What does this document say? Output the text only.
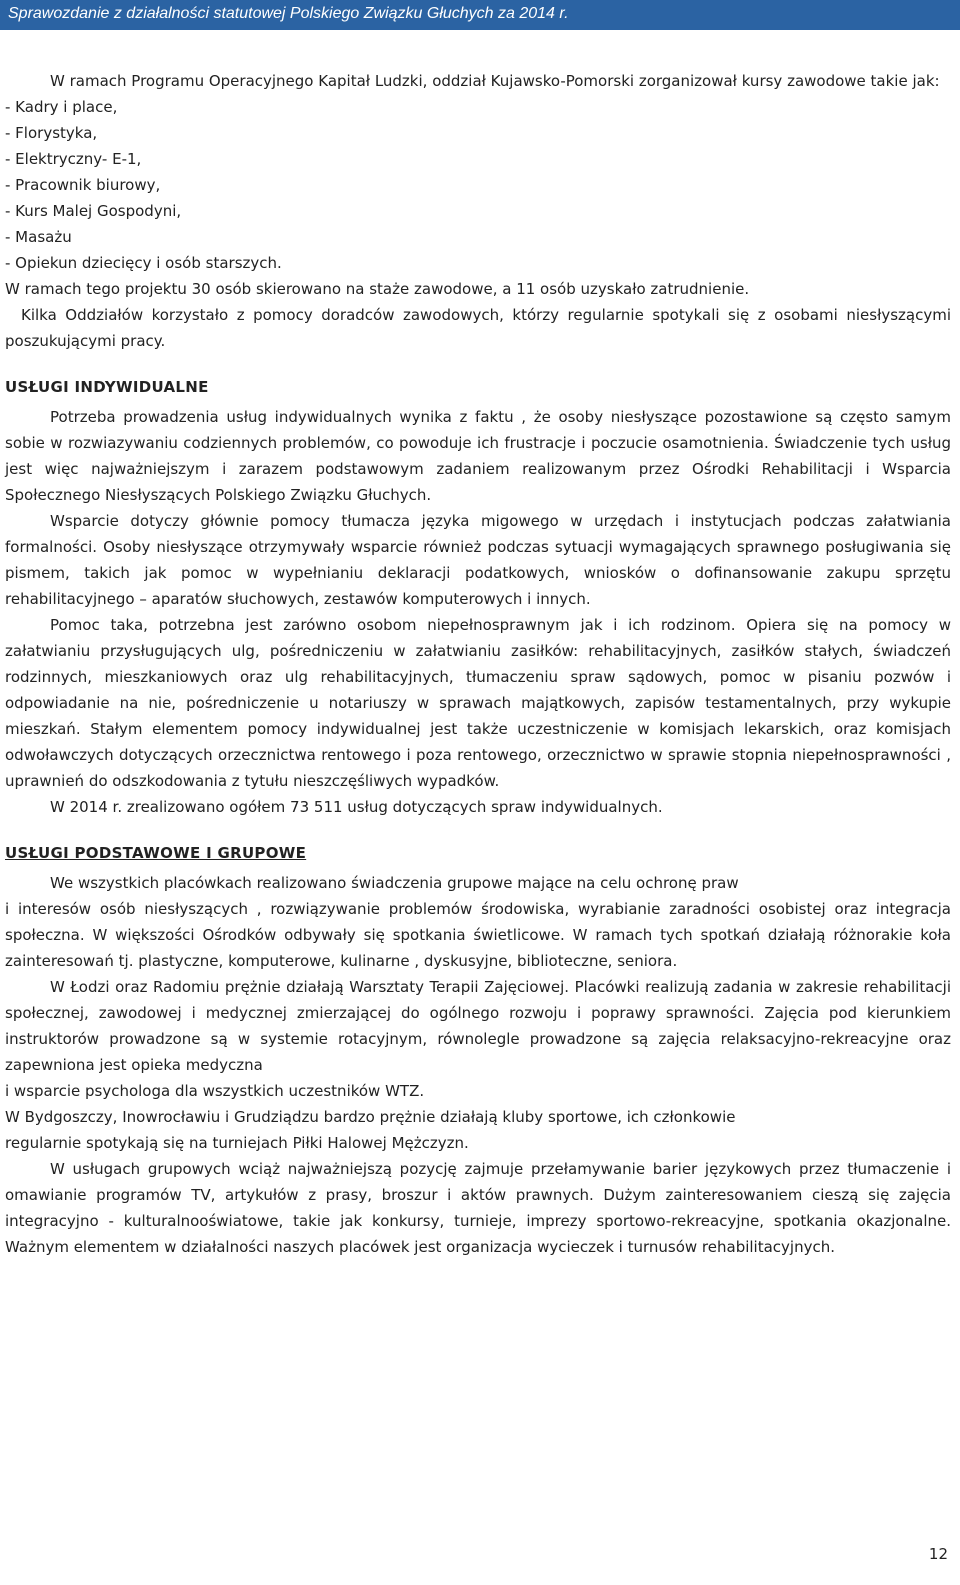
Sprawozdanie z działalności statutowej Polskiego Związku Głuchych za 2014 r.

W ramach Programu Operacyjnego Kapitał Ludzki, oddział Kujawsko-Pomorski zorganizował kursy zawodowe takie jak:

- Kadry i place,
- Florystyka,
- Elektryczny- E-1,
- Pracownik biurowy,
- Kurs Malej Gospodyni,
- Masażu
- Opiekun dziecięcy i osób starszych.

W ramach tego projektu 30 osób skierowano na staże zawodowe, a 11 osób uzyskało zatrudnienie.

Kilka Oddziałów korzystało z pomocy doradców zawodowych, którzy regularnie spotykali się z osobami niesłyszącymi poszukującymi pracy.

USŁUGI INDYWIDUALNE

Potrzeba prowadzenia usług indywidualnych wynika z faktu , że osoby niesłyszące pozostawione są często samym sobie w rozwiazywaniu codziennych problemów, co powoduje ich frustracje i poczucie osamotnienia. Świadczenie tych usług jest więc najważniejszym i zarazem podstawowym zadaniem realizowanym przez Ośrodki Rehabilitacji i Wsparcia Społecznego Niesłyszących Polskiego Związku Głuchych.

Wsparcie dotyczy głównie pomocy tłumacza języka migowego w urzędach i instytucjach podczas załatwiania formalności. Osoby niesłyszące otrzymywały wsparcie również podczas sytuacji wymagających sprawnego posługiwania się pismem, takich jak pomoc w wypełnianiu deklaracji podatkowych, wniosków o dofinansowanie zakupu sprzętu rehabilitacyjnego – aparatów słuchowych, zestawów komputerowych i innych.

Pomoc taka, potrzebna jest zarówno osobom niepełnosprawnym jak i ich rodzinom. Opiera się na pomocy w załatwianiu przysługujących ulg, pośredniczeniu w załatwianiu zasiłków: rehabilitacyjnych, zasiłków stałych, świadczeń rodzinnych, mieszkaniowych oraz ulg rehabilitacyjnych, tłumaczeniu spraw sądowych, pomoc w pisaniu pozwów i odpowiadanie na nie, pośredniczenie u notariuszy w sprawach majątkowych, zapisów testamentalnych, przy wykupie mieszkań. Stałym elementem pomocy indywidualnej jest także uczestniczenie w komisjach lekarskich, oraz komisjach odwoławczych dotyczących orzecznictwa rentowego i poza rentowego, orzecznictwo w sprawie stopnia niepełnosprawności , uprawnień do odszkodowania z tytułu nieszczęśliwych wypadków.

W 2014 r. zrealizowano ogółem 73 511 usług dotyczących spraw indywidualnych.

USŁUGI PODSTAWOWE I GRUPOWE

We wszystkich placówkach realizowano świadczenia grupowe mające na celu ochronę praw

i interesów osób niesłyszących , rozwiązywanie problemów środowiska, wyrabianie zaradności osobistej oraz integracja społeczna. W większości Ośrodków odbywały się spotkania świetlicowe. W ramach tych spotkań działają różnorakie koła zainteresowań tj. plastyczne, komputerowe, kulinarne , dyskusyjne, biblioteczne, seniora.

W Łodzi oraz Radomiu prężnie działają Warsztaty Terapii Zajęciowej. Placówki realizują zadania w zakresie rehabilitacji społecznej, zawodowej i medycznej zmierzającej do ogólnego rozwoju i poprawy sprawności. Zajęcia pod kierunkiem instruktorów prowadzone są w systemie rotacyjnym, równolegle prowadzone są zajęcia relaksacyjno-rekreacyjne oraz zapewniona jest opieka medyczna

i wsparcie psychologa dla wszystkich uczestników WTZ.

W Bydgoszczy, Inowrocławiu i Grudziądzu bardzo prężnie działają kluby sportowe, ich członkowie

regularnie spotykają się na turniejach Piłki Halowej Mężczyzn.

W usługach grupowych wciąż najważniejszą pozycję zajmuje przełamywanie barier językowych przez tłumaczenie i omawianie programów TV, artykułów z prasy, broszur i aktów prawnych. Dużym zainteresowaniem cieszą się zajęcia integracyjno - kulturalnooświatowe, takie jak konkursy, turnieje, imprezy sportowo-rekreacyjne, spotkania okazjonalne. Ważnym elementem w działalności naszych placówek jest organizacja wycieczek i turnusów rehabilitacyjnych.

12
